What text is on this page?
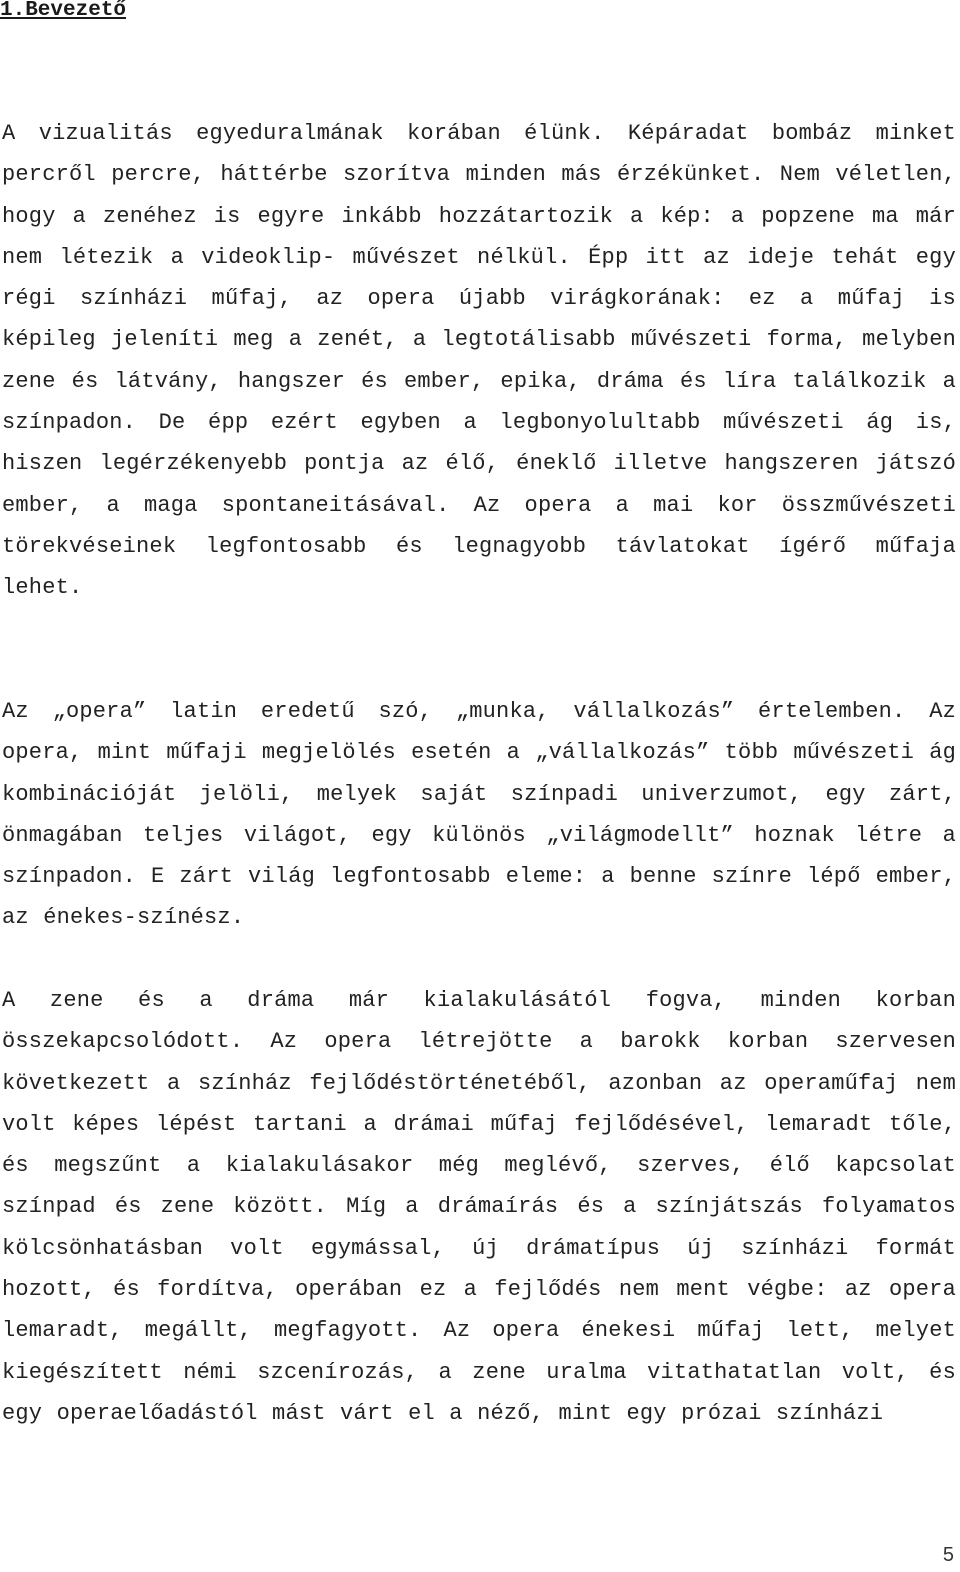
1.Bevezető

A vizualitás egyeduralmának korában élünk. Képáradat bombáz minket percről percre, háttérbe szorítva minden más érzékünket. Nem véletlen, hogy a zenéhez is egyre inkább hozzátartozik a kép: a popzene ma már nem létezik a videoklip- művészet nélkül. Épp itt az ideje tehát egy régi színházi műfaj, az opera újabb virágkorának: ez a műfaj is képileg jeleníti meg a zenét, a legtotálisabb művészeti forma, melyben zene és látvány, hangszer és ember, epika, dráma és líra találkozik a színpadon. De épp ezért egyben a legbonyolultabb művészeti ág is, hiszen legérzékenyebb pontja az élő, éneklő illetve hangszeren játszó ember, a maga spontaneitásával. Az opera a mai kor összművészeti törekvéseinek legfontosabb és legnagyobb távlatokat ígérő műfaja lehet.

Az „opera” latin eredetű szó, „munka, vállalkozás” értelemben. Az opera, mint műfaji megjelölés esetén a „vállalkozás” több művészeti ág kombinációját jelöli, melyek saját színpadi univerzumot, egy zárt, önmagában teljes világot, egy különös „világmodellt” hoznak létre a színpadon. E zárt világ legfontosabb eleme: a benne színre lépő ember, az énekes-színész.

A zene és a dráma már kialakulásától fogva, minden korban összekapcsolódott. Az opera létrejötte a barokk korban szervesen következett a színház fejlődéstörténetéből, azonban az operaműfaj nem volt képes lépést tartani a drámai műfaj fejlődésével, lemaradt tőle, és megszűnt a kialakulásakor még meglévő, szerves, élő kapcsolat színpad és zene között. Míg a drámaírás és a színjátszás folyamatos kölcsönhatásban volt egymással, új drámatípus új színházi formát hozott, és fordítva, operában ez a fejlődés nem ment végbe: az opera lemaradt, megállt, megfagyott. Az opera énekesi műfaj lett, melyet kiegészített némi szcenírozás, a zene uralma vitathatatlan volt, és egy operaelőadástól mást várt el a néző, mint egy prózai színházi

5
